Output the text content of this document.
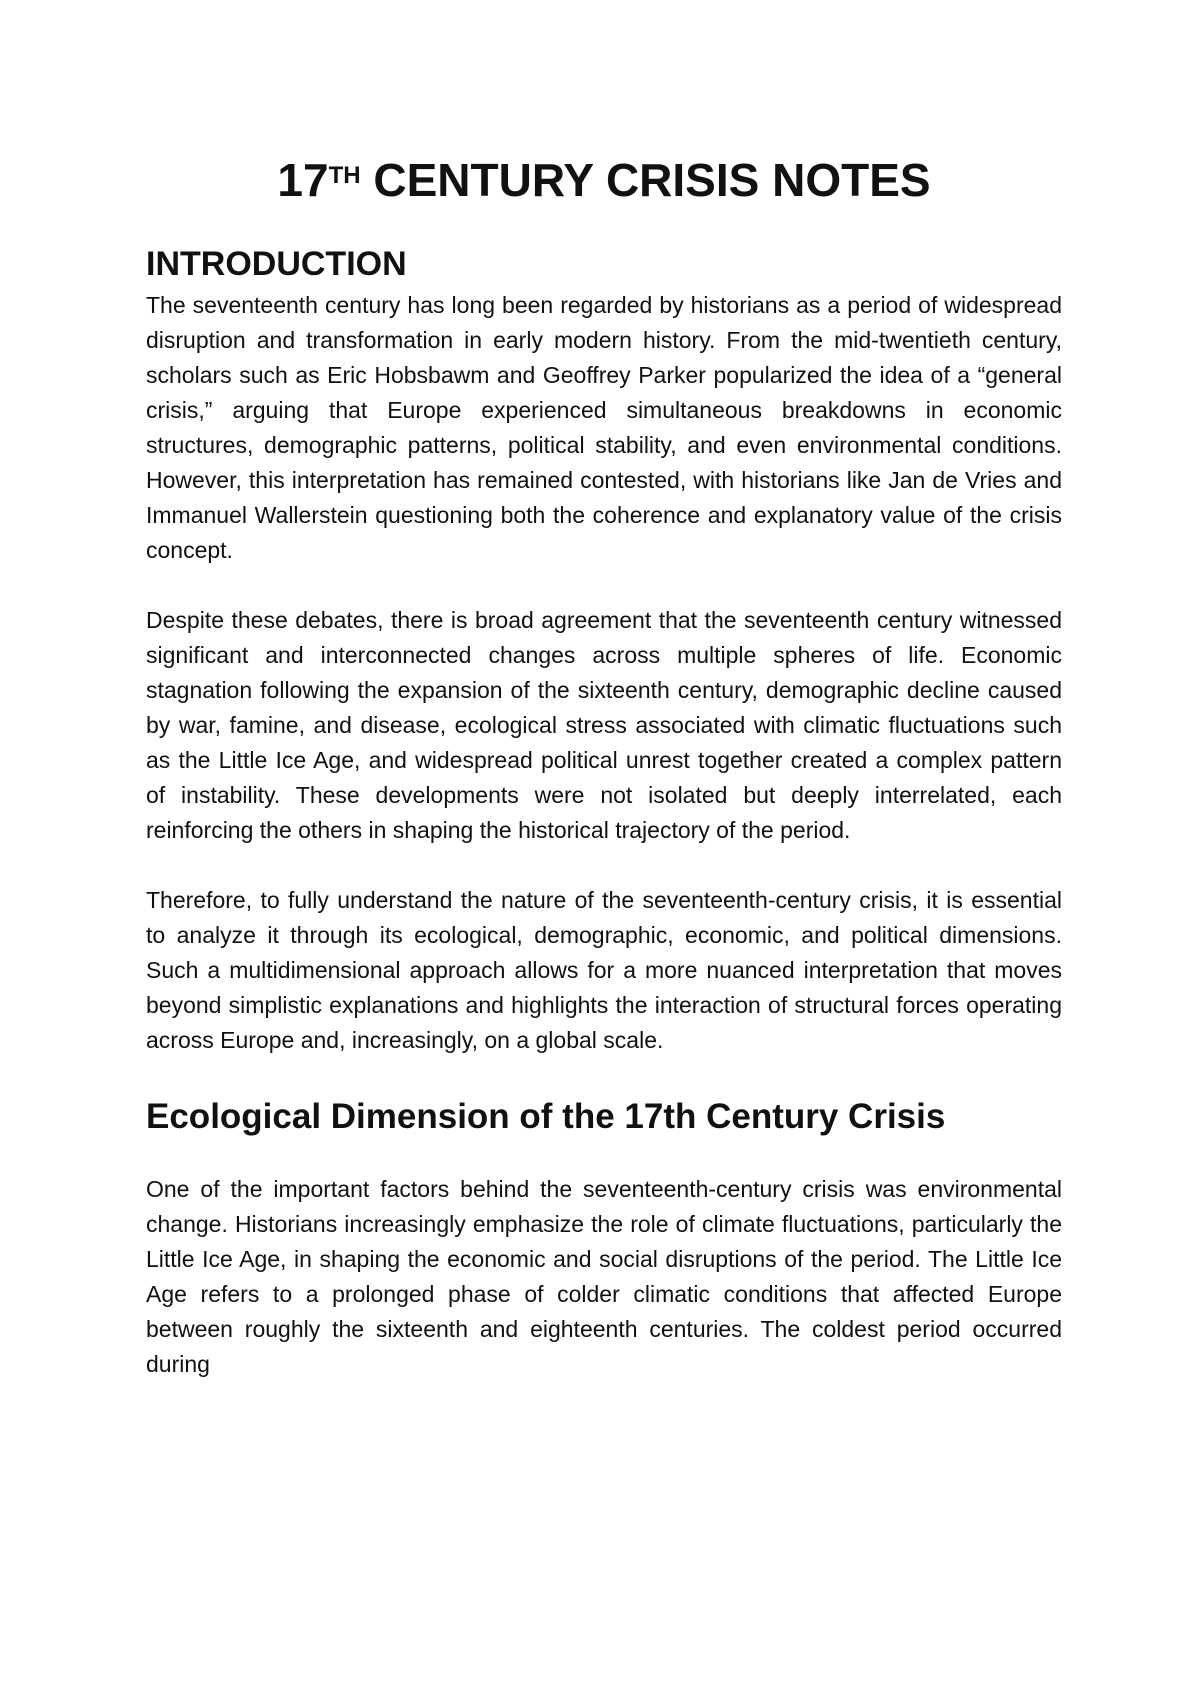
17TH CENTURY CRISIS NOTES
INTRODUCTION

The seventeenth century has long been regarded by historians as a period of widespread disruption and transformation in early modern history. From the mid-twentieth century, scholars such as Eric Hobsbawm and Geoffrey Parker popularized the idea of a “general crisis,” arguing that Europe experienced simultaneous breakdowns in economic structures, demographic patterns, political stability, and even environmental conditions. However, this interpretation has remained contested, with historians like Jan de Vries and Immanuel Wallerstein questioning both the coherence and explanatory value of the crisis concept.

Despite these debates, there is broad agreement that the seventeenth century witnessed significant and interconnected changes across multiple spheres of life. Economic stagnation following the expansion of the sixteenth century, demographic decline caused by war, famine, and disease, ecological stress associated with climatic fluctuations such as the Little Ice Age, and widespread political unrest together created a complex pattern of instability. These developments were not isolated but deeply interrelated, each reinforcing the others in shaping the historical trajectory of the period.

Therefore, to fully understand the nature of the seventeenth-century crisis, it is essential to analyze it through its ecological, demographic, economic, and political dimensions. Such a multidimensional approach allows for a more nuanced interpretation that moves beyond simplistic explanations and highlights the interaction of structural forces operating across Europe and, increasingly, on a global scale.

Ecological Dimension of the 17th Century Crisis

One of the important factors behind the seventeenth-century crisis was environmental change. Historians increasingly emphasize the role of climate fluctuations, particularly the Little Ice Age, in shaping the economic and social disruptions of the period. The Little Ice Age refers to a prolonged phase of colder climatic conditions that affected Europe between roughly the sixteenth and eighteenth centuries. The coldest period occurred during
